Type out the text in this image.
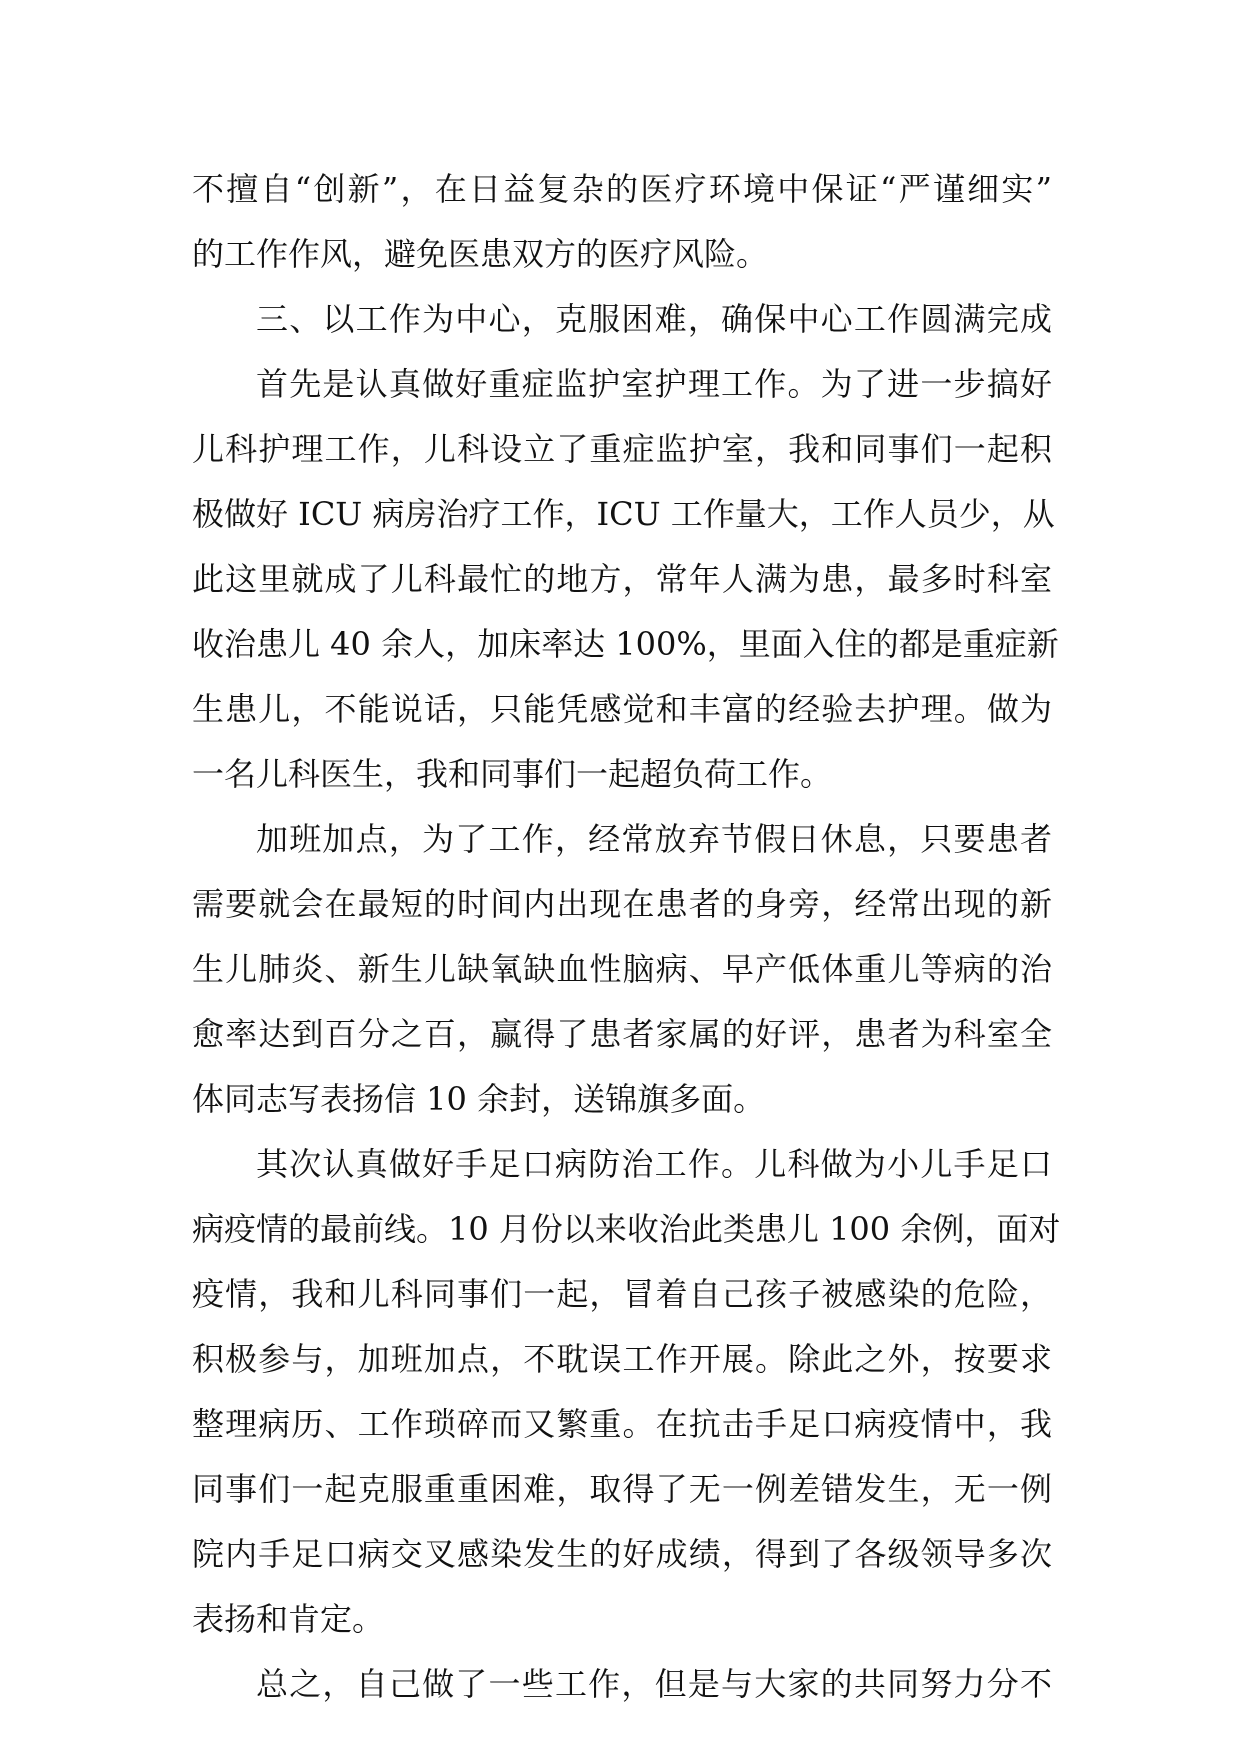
不擅自“创新”，在日益复杂的医疗环境中保证“严谨细实”
的工作作风，避免医患双方的医疗风险。
三、以工作为中心，克服困难，确保中心工作圆满完成
首先是认真做好重症监护室护理工作。为了进一步搞好
儿科护理工作，儿科设立了重症监护室，我和同事们一起积
极做好 ICU 病房治疗工作，ICU 工作量大，工作人员少，从
此这里就成了儿科最忙的地方，常年人满为患，最多时科室
收治患儿 40 余人，加床率达 100%，里面入住的都是重症新
生患儿，不能说话，只能凭感觉和丰富的经验去护理。做为
一名儿科医生，我和同事们一起超负荷工作。
加班加点，为了工作，经常放弃节假日休息，只要患者
需要就会在最短的时间内出现在患者的身旁，经常出现的新
生儿肺炎、新生儿缺氧缺血性脑病、早产低体重儿等病的治
愈率达到百分之百，赢得了患者家属的好评，患者为科室全
体同志写表扬信 10 余封，送锦旗多面。
其次认真做好手足口病防治工作。儿科做为小儿手足口
病疫情的最前线。10 月份以来收治此类患儿 100 余例，面对
疫情，我和儿科同事们一起，冒着自己孩子被感染的危险，
积极参与，加班加点，不耽误工作开展。除此之外，按要求
整理病历、工作琐碎而又繁重。在抗击手足口病疫情中，我
同事们一起克服重重困难，取得了无一例差错发生，无一例
院内手足口病交叉感染发生的好成绩，得到了各级领导多次
表扬和肯定。
总之，自己做了一些工作，但是与大家的共同努力分不
